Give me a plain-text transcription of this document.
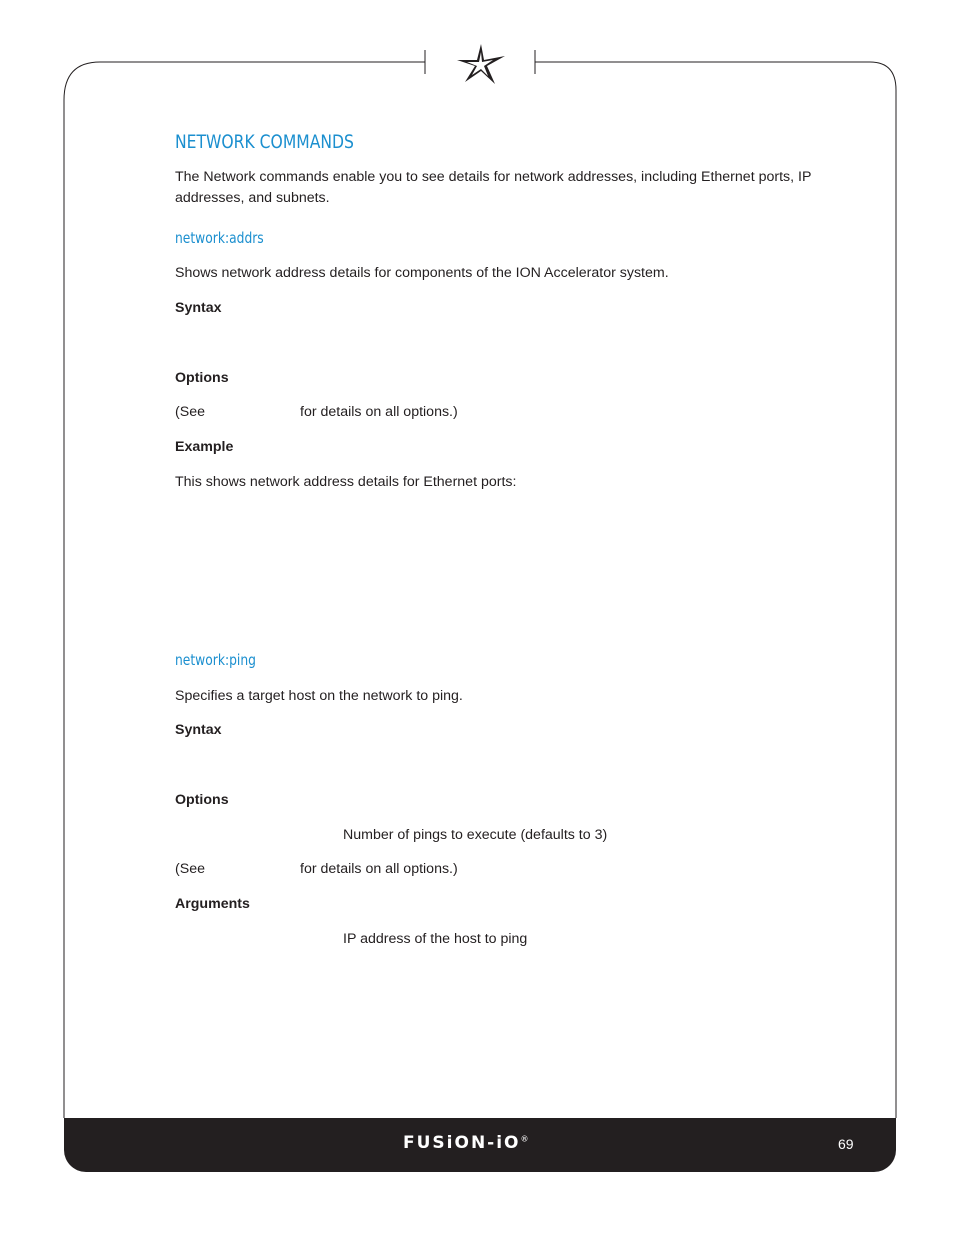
NETWORK COMMANDS

The Network commands enable you to see details for network addresses, including Ethernet ports, IP addresses, and subnets.

network:addrs

Shows network address details for components of the ION Accelerator system.

Syntax

Options

(See	for details on all options.)

Example

This shows network address details for Ethernet ports:

network:ping

Specifies a target host on the network to ping.

Syntax

Options

Number of pings to execute (defaults to 3)

(See	for details on all options.)

Arguments

IP address of the host to ping

FUSiON-iO®	69
